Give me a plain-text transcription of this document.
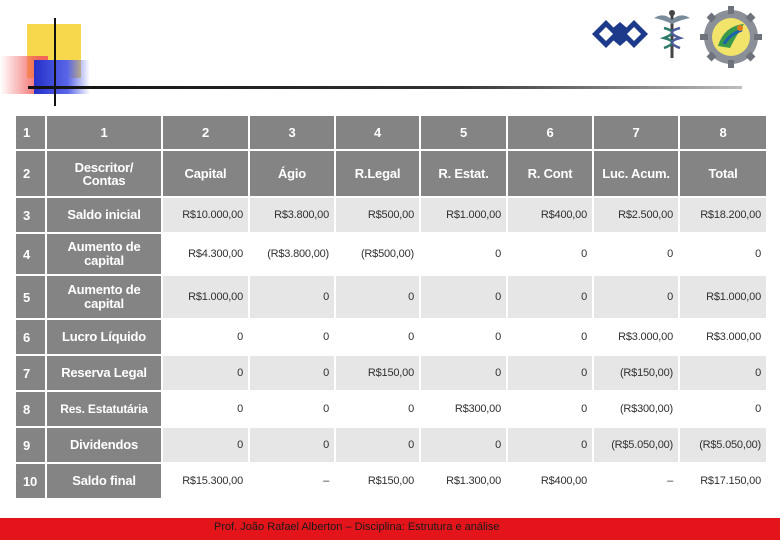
1	1	2	3	4	5	6	7	8
2	Descritor/ Contas	Capital	Ágio	R.Legal	R. Estat.	R. Cont	Luc. Acum.	Total
3	Saldo inicial	R$10.000,00	R$3.800,00	R$500,00	R$1.000,00	R$400,00	R$2.500,00	R$18.200,00
4	Aumento de capital	R$4.300,00	(R$3.800,00)	(R$500,00)	0	0	0	0
5	Aumento de capital	R$1.000,00	0	0	0	0	0	R$1.000,00
6	Lucro Líquido	0	0	0	0	0	R$3.000,00	R$3.000,00
7	Reserva Legal	0	0	R$150,00	0	0	(R$150,00)	0
8	Res. Estatutária	0	0	0	R$300,00	0	(R$300,00)	0
9	Dividendos	0	0	0	0	0	(R$5.050,00)	(R$5.050,00)
10	Saldo final	R$15.300,00	–	R$150,00	R$1.300,00	R$400,00	–	R$17.150,00
Prof. João Rafael Alberton – Disciplina: Estrutura e análise
